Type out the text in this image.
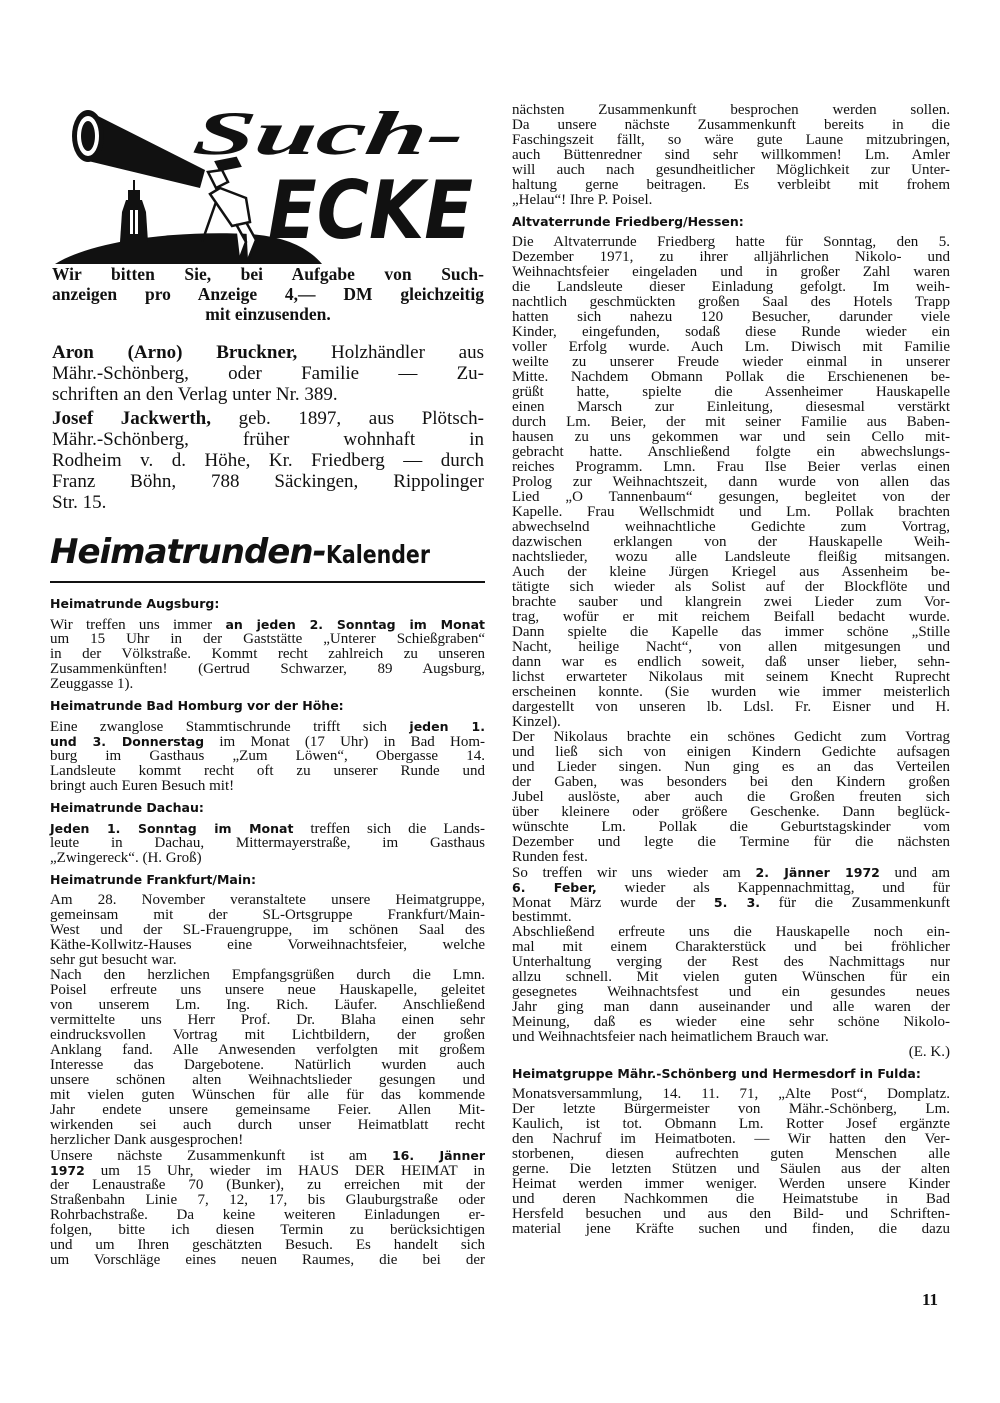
Such-
ECKE
Wir bitten Sie, bei Aufgabe von Such-
anzeigen pro Anzeige 4,— DM gleichzeitig
mit einzusenden.
Aron (Arno) Bruckner, Holzhändler aus
Mähr.-Schönberg, oder Familie — Zu-
schriften an den Verlag unter Nr. 389.
Josef Jackwerth, geb. 1897, aus Plötsch-
Mähr.-Schönberg, früher wohnhaft in
Rodheim v. d. Höhe, Kr. Friedberg — durch
Franz Böhn, 788 Säckingen, Rippolinger
Str. 15.
Heimatrunden-Kalender
Heimatrunde Augsburg:
Wir treffen uns immer an jeden 2. Sonntag im Monat
um 15 Uhr in der Gaststätte „Unterer Schießgraben“
in der Völkstraße. Kommt recht zahlreich zu unseren
Zusammenkünften! (Gertrud Schwarzer, 89 Augsburg,
Zeuggasse 1).
Heimatrunde Bad Homburg vor der Höhe:
Eine zwanglose Stammtischrunde trifft sich jeden 1.
und 3. Donnerstag im Monat (17 Uhr) in Bad Hom-
burg im Gasthaus „Zum Löwen“, Obergasse 14.
Landsleute kommt recht oft zu unserer Runde und
bringt auch Euren Besuch mit!
Heimatrunde Dachau:
Jeden 1. Sonntag im Monat treffen sich die Lands-
leute in Dachau, Mittermayerstraße, im Gasthaus
„Zwingereck“. (H. Groß)
Heimatrunde Frankfurt/Main:
Am 28. November veranstaltete unsere Heimatgruppe,
gemeinsam mit der SL-Ortsgruppe Frankfurt/Main-
West und der SL-Frauengruppe, im schönen Saal des
Käthe-Kollwitz-Hauses eine Vorweihnachtsfeier, welche
sehr gut besucht war.
Nach den herzlichen Empfangsgrüßen durch die Lmn.
Poisel erfreute uns unsere neue Hauskapelle, geleitet
von unserem Lm. Ing. Rich. Läufer. Anschließend
vermittelte uns Herr Prof. Dr. Blaha einen sehr
eindrucksvollen Vortrag mit Lichtbildern, der großen
Anklang fand. Alle Anwesenden verfolgten mit großem
Interesse das Dargebotene. Natürlich wurden auch
unsere schönen alten Weihnachtslieder gesungen und
mit vielen guten Wünschen für alle für das kommende
Jahr endete unsere gemeinsame Feier. Allen Mit-
wirkenden sei auch durch unser Heimatblatt recht
herzlicher Dank ausgesprochen!
Unsere nächste Zusammenkunft ist am 16. Jänner
1972 um 15 Uhr, wieder im HAUS DER HEIMAT in
der Lenaustraße 70 (Bunker), zu erreichen mit der
Straßenbahn Linie 7, 12, 17, bis Glauburgstraße oder
Rohrbachstraße. Da keine weiteren Einladungen er-
folgen, bitte ich diesen Termin zu berücksichtigen
und um Ihren geschätzten Besuch. Es handelt sich
um Vorschläge eines neuen Raumes, die bei der
nächsten Zusammenkunft besprochen werden sollen.
Da unsere nächste Zusammenkunft bereits in die
Faschingszeit fällt, so wäre gute Laune mitzubringen,
auch Büttenredner sind sehr willkommen! Lm. Amler
will auch nach gesundheitlicher Möglichkeit zur Unter-
haltung gerne beitragen. Es verbleibt mit frohem
„Helau“! Ihre P. Poisel.
Altvaterrunde Friedberg/Hessen:
Die Altvaterrunde Friedberg hatte für Sonntag, den 5.
Dezember 1971, zu ihrer alljährlichen Nikolo- und
Weihnachtsfeier eingeladen und in großer Zahl waren
die Landsleute dieser Einladung gefolgt. Im weih-
nachtlich geschmückten großen Saal des Hotels Trapp
hatten sich nahezu 120 Besucher, darunder viele
Kinder, eingefunden, sodaß diese Runde wieder ein
voller Erfolg wurde. Auch Lm. Diwisch mit Familie
weilte zu unserer Freude wieder einmal in unserer
Mitte. Nachdem Obmann Pollak die Erschienenen be-
grüßt hatte, spielte die Assenheimer Hauskapelle
einen Marsch zur Einleitung, diesesmal verstärkt
durch Lm. Beier, der mit seiner Familie aus Baben-
hausen zu uns gekommen war und sein Cello mit-
gebracht hatte. Anschließend folgte ein abwechslungs-
reiches Programm. Lmn. Frau Ilse Beier verlas einen
Prolog zur Weihnachtszeit, dann wurde von allen das
Lied „O Tannenbaum“ gesungen, begleitet von der
Kapelle. Frau Wellschmidt und Lm. Pollak brachten
abwechselnd weihnachtliche Gedichte zum Vortrag,
dazwischen erklangen von der Hauskapelle Weih-
nachtslieder, wozu alle Landsleute fleißig mitsangen.
Auch der kleine Jürgen Kriegel aus Assenheim be-
tätigte sich wieder als Solist auf der Blockflöte und
brachte sauber und klangrein zwei Lieder zum Vor-
trag, wofür er mit reichem Beifall bedacht wurde.
Dann spielte die Kapelle das immer schöne „Stille
Nacht, heilige Nacht“, von allen mitgesungen und
dann war es endlich soweit, daß unser lieber, sehn-
lichst erwarteter Nikolaus mit seinem Knecht Ruprecht
erscheinen konnte. (Sie wurden wie immer meisterlich
dargestellt von unseren lb. Ldsl. Fr. Eisner und H.
Kinzel).
Der Nikolaus brachte ein schönes Gedicht zum Vortrag
und ließ sich von einigen Kindern Gedichte aufsagen
und Lieder singen. Nun ging es an das Verteilen
der Gaben, was besonders bei den Kindern großen
Jubel auslöste, aber auch die Großen freuten sich
über kleinere oder größere Geschenke. Dann beglück-
wünschte Lm. Pollak die Geburtstagskinder vom
Dezember und legte die Termine für die nächsten
Runden fest.
So treffen wir uns wieder am 2. Jänner 1972 und am
6. Feber, wieder als Kappennachmittag, und für
Monat März wurde der 5. 3. für die Zusammenkunft
bestimmt.
Abschließend erfreute uns die Hauskapelle noch ein-
mal mit einem Charakterstück und bei fröhlicher
Unterhaltung verging der Rest des Nachmittags nur
allzu schnell. Mit vielen guten Wünschen für ein
gesegnetes Weihnachtsfest und ein gesundes neues
Jahr ging man dann auseinander und alle waren der
Meinung, daß es wieder eine sehr schöne Nikolo-
und Weihnachtsfeier nach heimatlichem Brauch war.
(E. K.)
Heimatgruppe Mähr.-Schönberg und Hermesdorf in Fulda:
Monatsversammlung, 14. 11. 71, „Alte Post“, Domplatz.
Der letzte Bürgermeister von Mähr.-Schönberg, Lm.
Kaulich, ist tot. Obmann Lm. Rotter Josef ergänzte
den Nachruf im Heimatboten. — Wir hatten den Ver-
storbenen, diesen aufrechten guten Menschen alle
gerne. Die letzten Stützen und Säulen aus der alten
Heimat werden immer weniger. Werden unsere Kinder
und deren Nachkommen die Heimatstube in Bad
Hersfeld besuchen und aus den Bild- und Schriften-
material jene Kräfte suchen und finden, die dazu
11
